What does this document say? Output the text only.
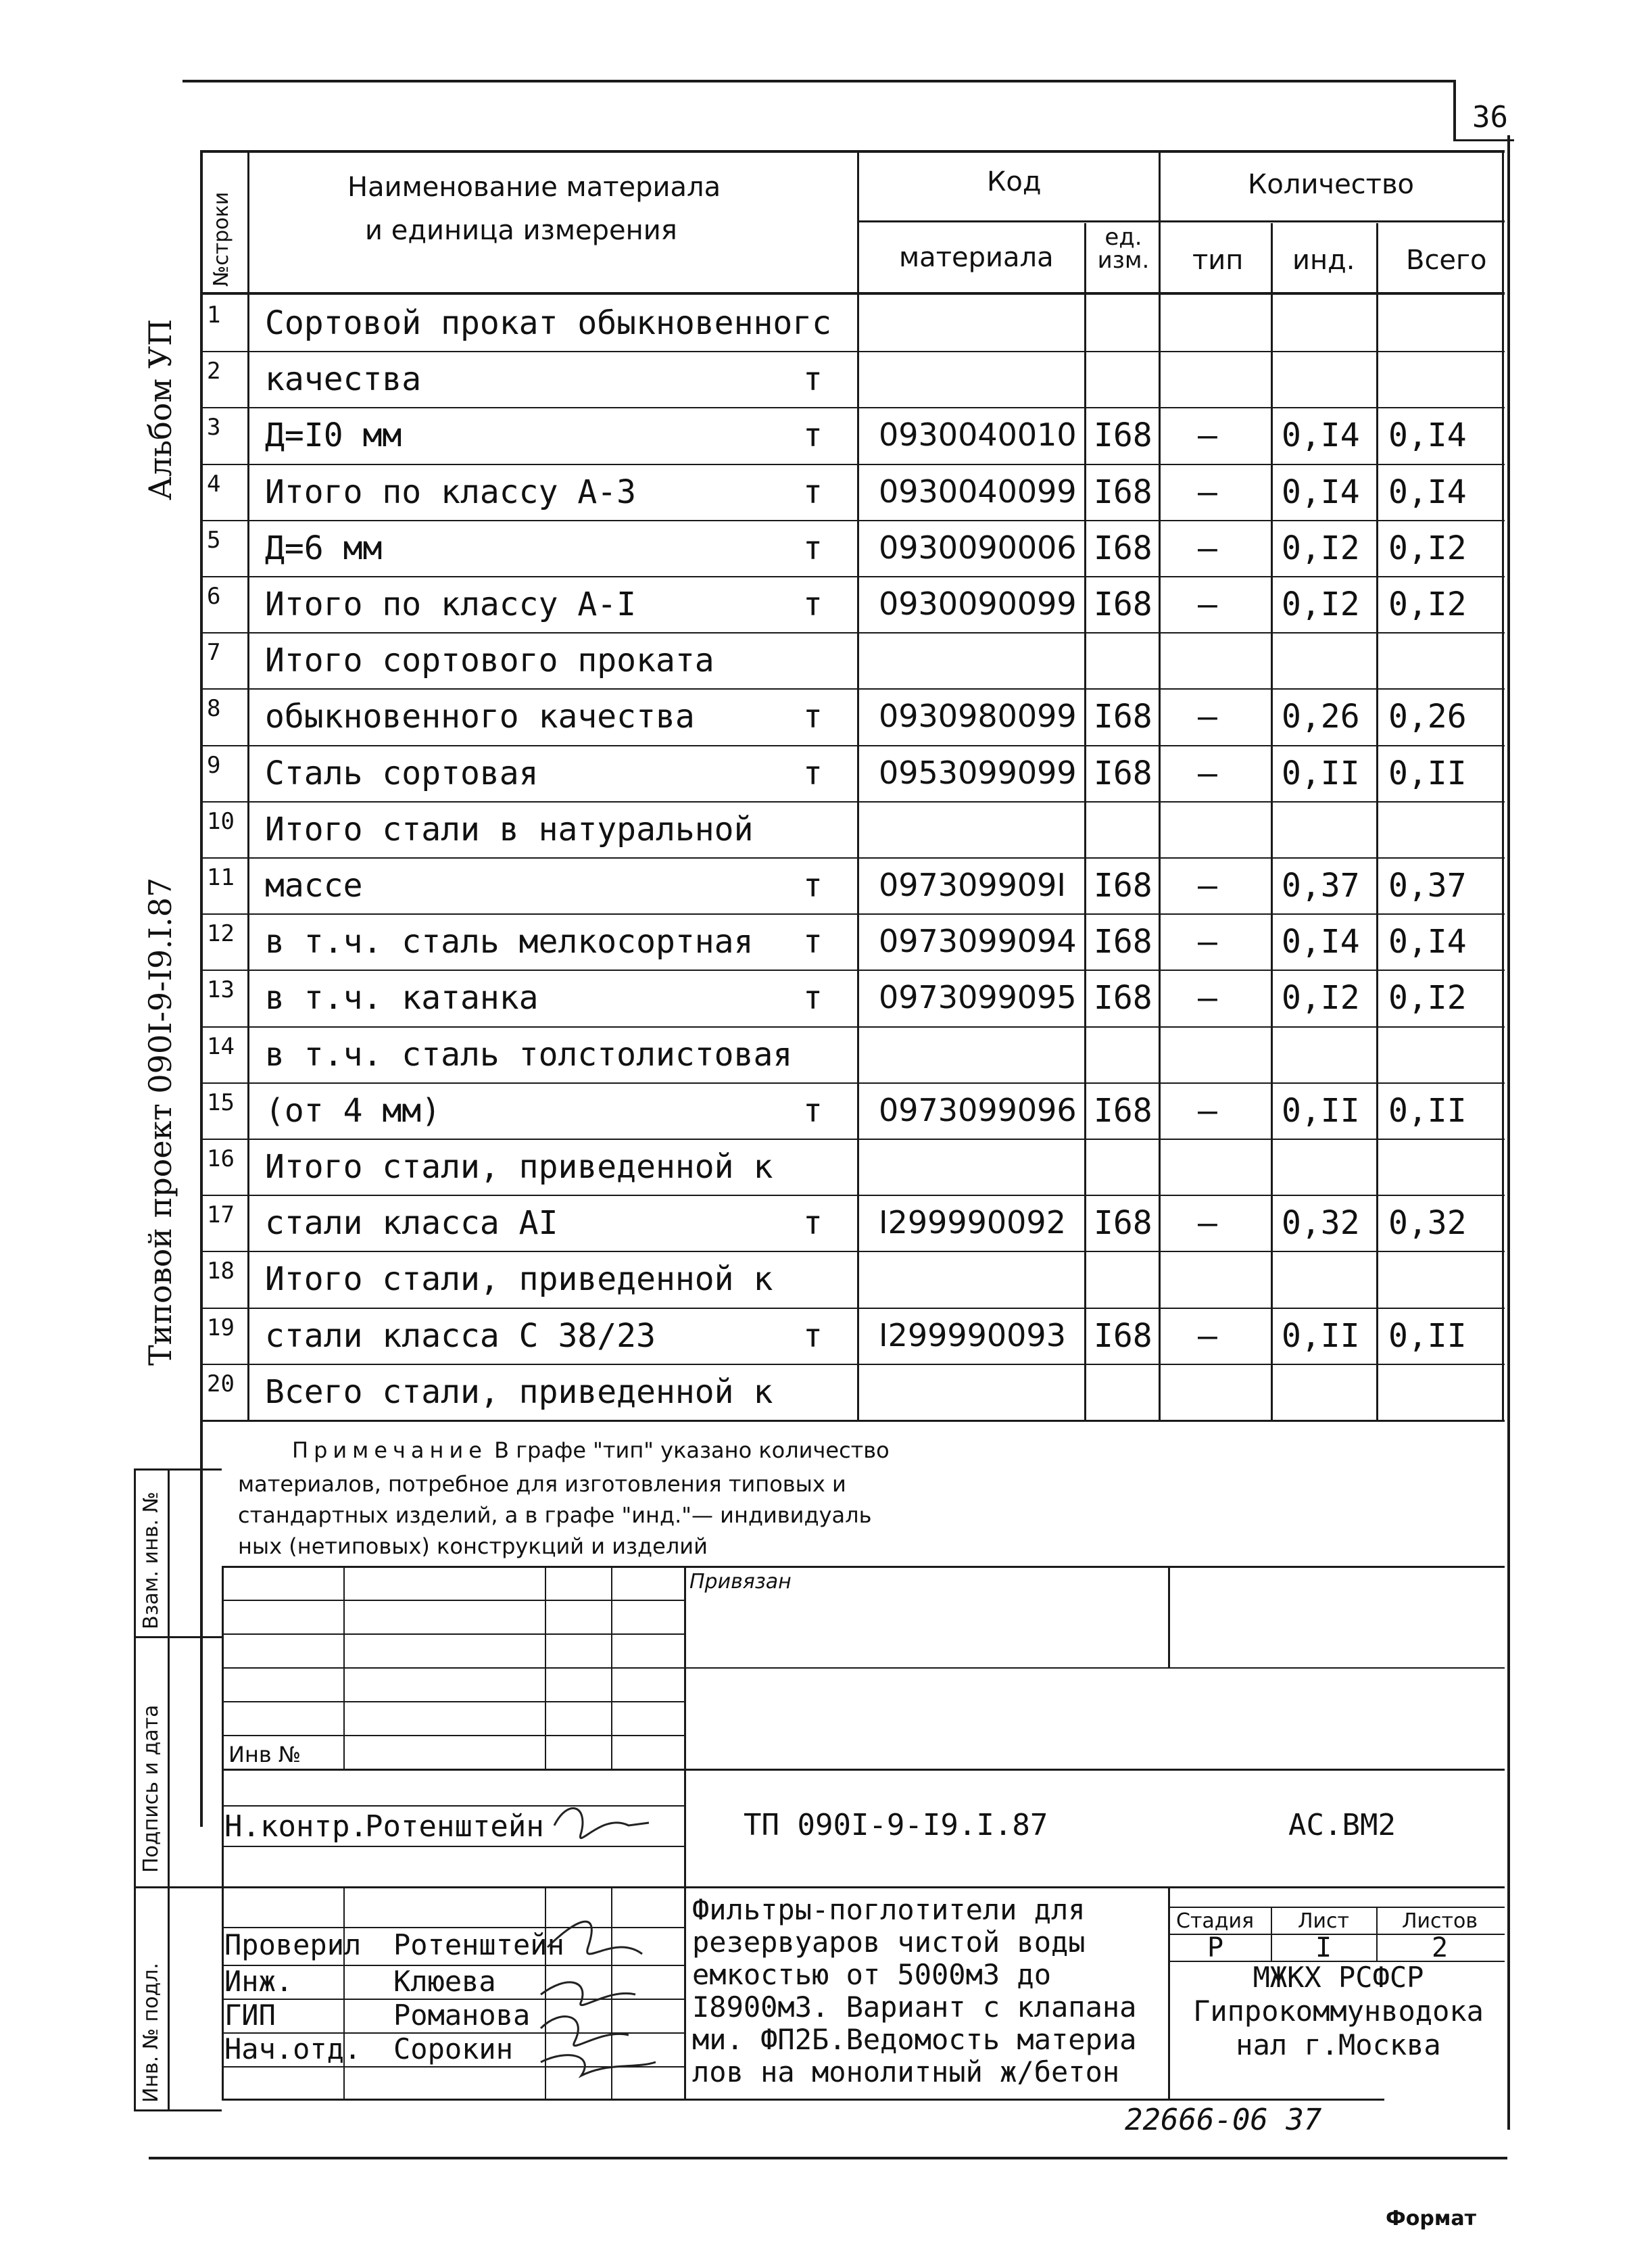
36
Альбом УП
Типовой проект 090I-9-I9.I.87
№строки
Наименование материала
и единица измерения
Код
материала
ед. изм.
Количество
тип инд. Всего
1 Сортовой прокат обыкновенногс
2 качества	т
3 Д=I0 мм	т 0930040010 I68 – 0,I4 0,I4
4 Итого по классу А-3	т 0930040099 I68 – 0,I4 0,I4
5 Д=6 мм	т 0930090006 I68 – 0,I2 0,I2
6 Итого по классу А-I	т 0930090099 I68 – 0,I2 0,I2
7 Итого сортового проката
8 обыкновенного качества	т 0930980099 I68 – 0,26 0,26
9 Сталь сортовая	т 0953099099 I68 – 0,II 0,II
10 Итого стали в натуральной
11 массе	т 097309909I I68 – 0,37 0,37
12 в т.ч. сталь мелкосортная т 0973099094 I68 – 0,I4 0,I4
13 в т.ч. катанка	т 0973099095 I68 – 0,I2 0,I2
14 в т.ч. сталь толстолистовая
15 (от 4 мм)	т 0973099096 I68 – 0,II 0,II
16 Итого стали, приведенной к
17 стали класса АI	т I299990092 I68 – 0,32 0,32
18 Итого стали, приведенной к
19 стали класса С 38/23	т I299990093 I68 – 0,II 0,II
20 Всего стали, приведенной к
Примечание В графе "тип" указано количество
материалов, потребное для изготовления типовых и
стандартных изделий, а в графе "инд."— индивидуаль
ных (нетиповых) конструкций и изделий
Взам. инв. №
Подпись и дата
Инв. № подл.
Привязан
Инв №
Н.контр.
Ротенштейн	ТП 090I-9-I9.I.87	АС.ВМ2
Проверил Ротенштейн
Инж.	Клюева
ГИП	Романова
Нач.отд. Сорокин
Фильтры-поглотители для
резервуаров чистой воды
емкостью от 5000м3 до
I8900м3. Вариант с клапана
ми. ФП2Б.Ведомость материа
лов на монолитный ж/бетон
Стадия Лист	Листов
Р	I	2
МЖКХ РСФСР
Гипрокоммунводока
нал г.Москва
22666-06 37
Формат
